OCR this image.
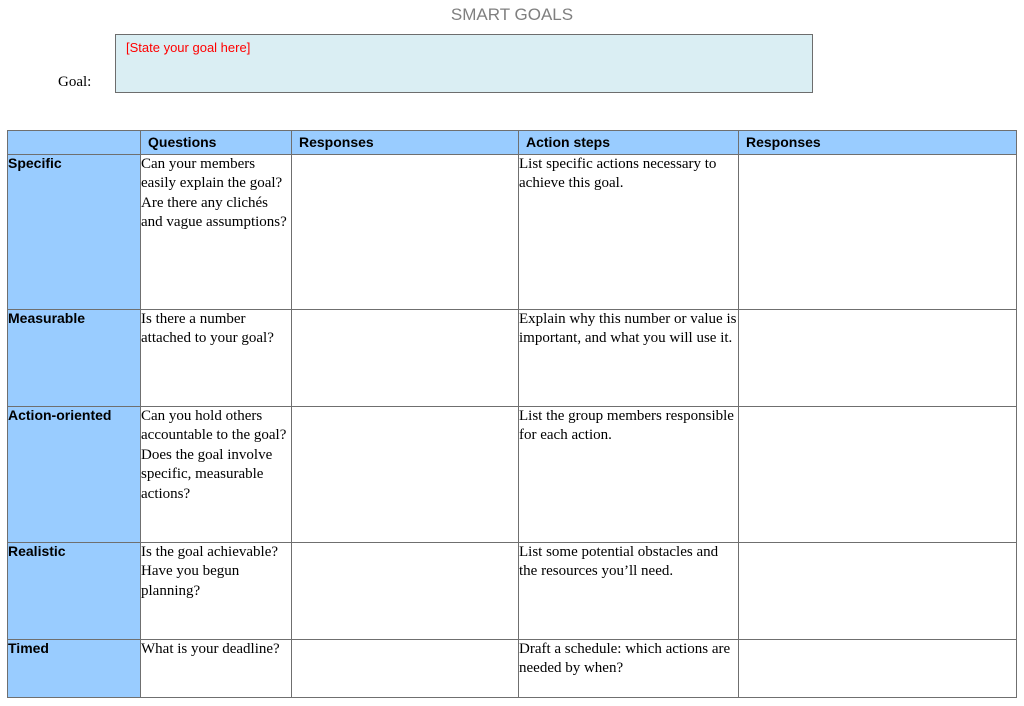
SMART GOALS
Goal:
[State your goal here]
	Questions	Responses	Action steps	Responses
Specific	Can your members easily explain the goal?
Are there any clichés and vague assumptions?		List specific actions necessary to achieve this goal.	
Measurable	Is there a number attached to your goal?		Explain why this number or value is important, and what you will use it.	
Action-oriented	Can you hold others accountable to the goal?
Does the goal involve specific, measurable actions?		List the group members responsible for each action.	
Realistic	Is the goal achievable?
Have you begun planning?		List some potential obstacles and the resources you’ll need.	
Timed	What is your deadline?		Draft a schedule: which actions are needed by when?	
